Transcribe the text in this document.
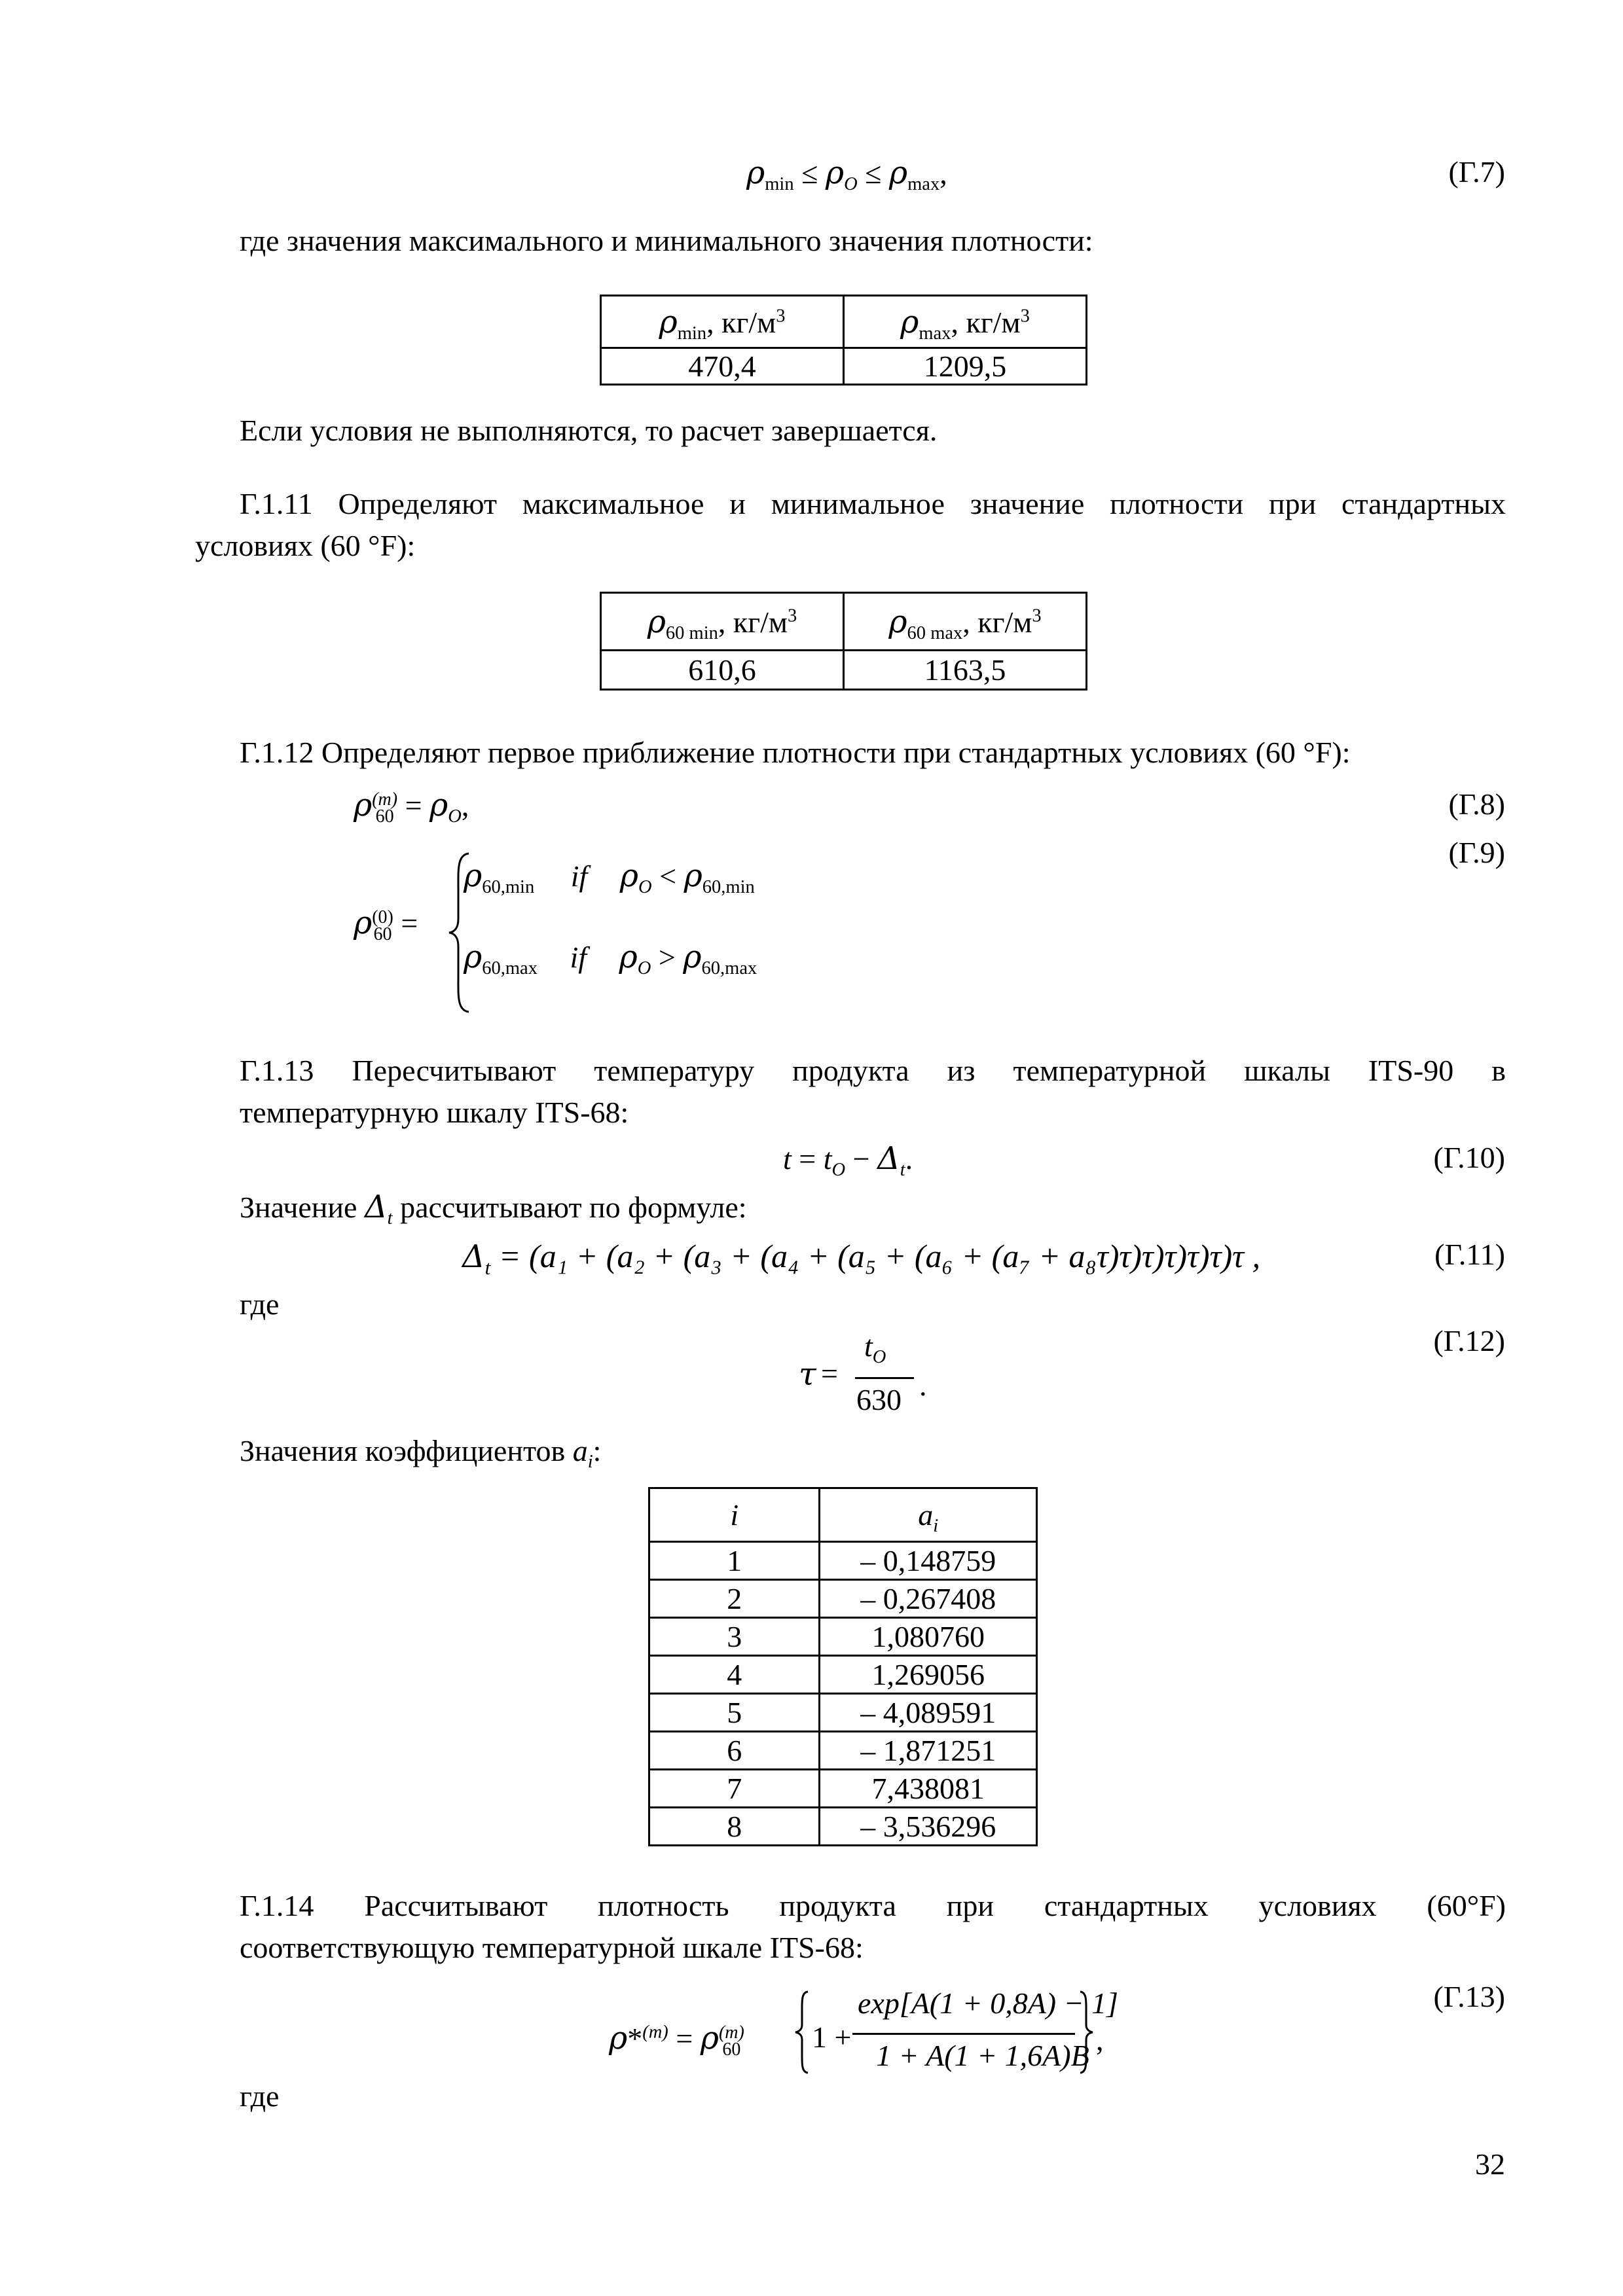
$\rho_{min} \le \rho_O \le \rho_{max}$,	(Г.7)
где значения максимального и минимального значения плотности:
$\rho_{min}$, $кг/м^3$	$\rho_{max}$, $кг/м^3$
470,4	1209,5
Если условия не выполняются, то расчет завершается.
Г.1.11 Определяют максимальное и минимальное значение плотности при стандартных
условиях (60 °F):
$\rho_{60 min}$, $кг/м^3$	$\rho_{60 max}$, $кг/м^3$
610,6	1163,5
Г.1.12 Определяют первое приближение плотности при стандартных условиях (60 °F):
ρ (m)
$60 = \rho_O$,	(Г.8)
ρ (0)
60 =
$\rho_{60,min}$ if $\rho_O < \rho_{60,min}$
$\rho_{60,max}$ if $\rho_O > \rho_{60,max}$
(Г.9)
Г.1.13 Пересчитывают температуру продукта из температурной шкалы ITS-90 в
температурную шкалу ITS-68:
$t = t_O - \Delta_t$.	(Г.10)
Значение $\Delta_t$ рассчитывают по формуле:
$\Delta_t = (a_1 + (a_2 + (a_3 + (a_4 + (a_5 + (a_6 + (a_7 + a_8\tau)\tau)\tau)\tau)\tau)\tau)\tau$ ,	(Г.11)
где
τ =
$t_O$
630 .
(Г.12)
Значения коэффициентов $a_i$:
i	$a_i$
1	– 0,148759
2	– 0,267408
3	1,080760
4	1,269056
5	– 4,089591
6	– 1,871251
7	7,438081
8	– 3,536296
Г.1.14 Рассчитывают плотность продукта при стандартных условиях (60°F)
соответствующую температурной шкале ITS-68:
ρ*$^{(m)}$ = ρ (m)
60 1 +
exp[A(1 + 0,8A) − 1]
1 + A(1 + 1,6A)B ,
(Г.13)
где
32
